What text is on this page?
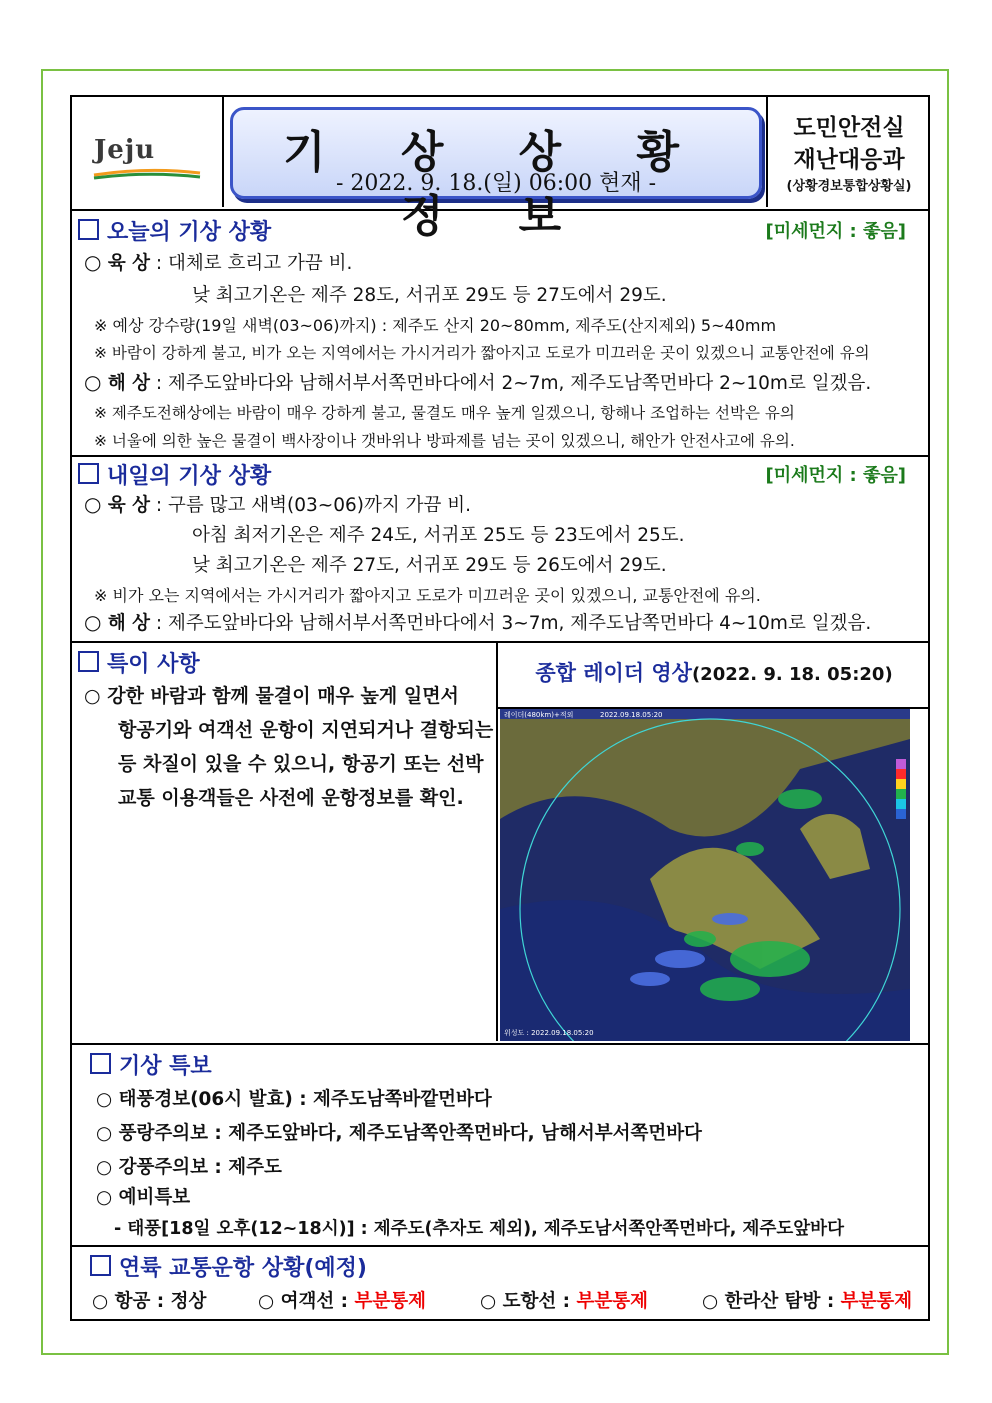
Jeju	기 상 상 황 정 보
- 2022. 9. 18.(일) 06:00 현재 -
도민안전실
재난대응과
(상황경보통합상황실)
오늘의 기상 상황	[미세먼지 : 좋음]
○ 육 상 : 대체로 흐리고 가끔 비.
낮 최고기온은 제주 28도, 서귀포 29도 등 27도에서 29도.
※ 예상 강수량(19일 새벽(03~06)까지) : 제주도 산지 20~80mm, 제주도(산지제외) 5~40mm
※ 바람이 강하게 불고, 비가 오는 지역에서는 가시거리가 짧아지고 도로가 미끄러운 곳이 있겠으니 교통안전에 유의
○ 해 상 : 제주도앞바다와 남해서부서쪽먼바다에서 2~7m, 제주도남쪽먼바다 2~10m로 일겠음.
※ 제주도전해상에는 바람이 매우 강하게 불고, 물결도 매우 높게 일겠으니, 항해나 조업하는 선박은 유의
※ 너울에 의한 높은 물결이 백사장이나 갯바위나 방파제를 넘는 곳이 있겠으니, 해안가 안전사고에 유의.
내일의 기상 상황	[미세먼지 : 좋음]
○ 육 상 : 구름 많고 새벽(03~06)까지 가끔 비.
아침 최저기온은 제주 24도, 서귀포 25도 등 23도에서 25도.
낮 최고기온은 제주 27도, 서귀포 29도 등 26도에서 29도.
※ 비가 오는 지역에서는 가시거리가 짧아지고 도로가 미끄러운 곳이 있겠으니, 교통안전에 유의.
○ 해 상 : 제주도앞바다와 남해서부서쪽먼바다에서 3~7m, 제주도남쪽먼바다 4~10m로 일겠음.
특이 사항
○ 강한 바람과 함께 물결이 매우 높게 일면서
항공기와 여객선 운항이 지연되거나 결항되는
등 차질이 있을 수 있으니, 항공기 또는 선박
교통 이용객들은 사전에 운항정보를 확인.
종합 레이더 영상(2022. 9. 18. 05:20)
레이더(480km)+적외	2022.09.18.05:20
위성도 : 2022.09.18.05:20
기상 특보
○ 태풍경보(06시 발효) : 제주도남쪽바깥먼바다
○ 풍랑주의보 : 제주도앞바다, 제주도남쪽안쪽먼바다, 남해서부서쪽먼바다
○ 강풍주의보 : 제주도
○ 예비특보
- 태풍[18일 오후(12~18시)] : 제주도(추자도 제외), 제주도남서쪽안쪽먼바다, 제주도앞바다
연륙 교통운항 상황(예정)
○ 항공 : 정상	○ 여객선 : 부분통제	○ 도항선 : 부분통제	○ 한라산 탐방 : 부분통제
